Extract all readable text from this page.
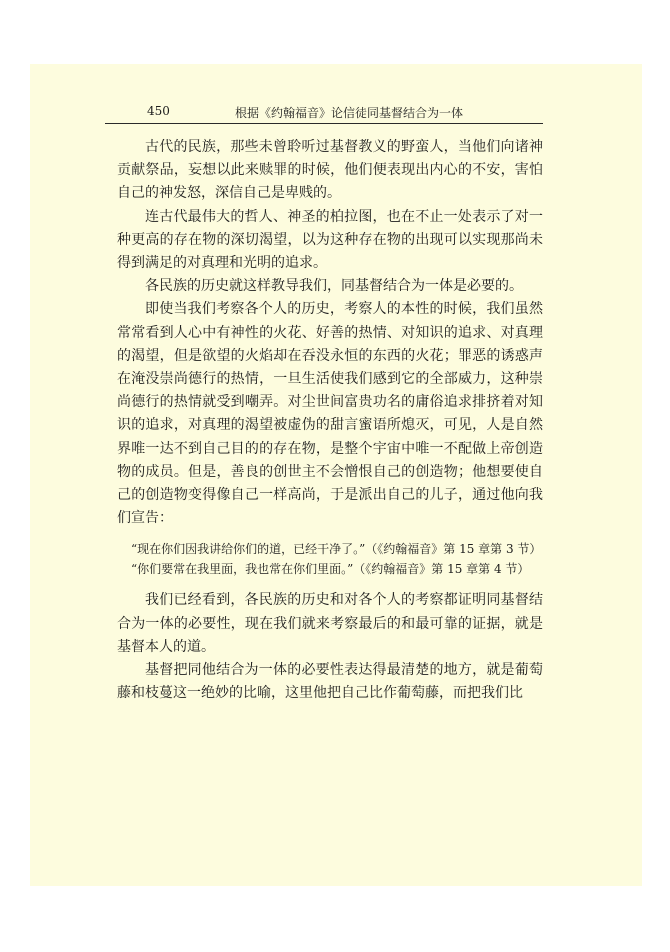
450	根据《约翰福音》论信徒同基督结合为一体

古代的民族，那些未曾聆听过基督教义的野蛮人，当他们向诸神贡献祭品，妄想以此来赎罪的时候，他们便表现出内心的不安，害怕自己的神发怒，深信自己是卑贱的。

连古代最伟大的哲人、神圣的柏拉图，也在不止一处表示了对一种更高的存在物的深切渴望，以为这种存在物的出现可以实现那尚未得到满足的对真理和光明的追求。

各民族的历史就这样教导我们，同基督结合为一体是必要的。

即使当我们考察各个人的历史，考察人的本性的时候，我们虽然常常看到人心中有神性的火花、好善的热情、对知识的追求、对真理的渴望，但是欲望的火焰却在吞没永恒的东西的火花；罪恶的诱惑声在淹没崇尚德行的热情，一旦生活使我们感到它的全部威力，这种崇尚德行的热情就受到嘲弄。对尘世间富贵功名的庸俗追求排挤着对知识的追求，对真理的渴望被虚伪的甜言蜜语所熄灭，可见，人是自然界唯一达不到自己目的的存在物，是整个宇宙中唯一不配做上帝创造物的成员。但是，善良的创世主不会憎恨自己的创造物；他想要使自己的创造物变得像自己一样高尚，于是派出自己的儿子，通过他向我们宣告：

“现在你们因我讲给你们的道，已经干净了。”（《约翰福音》第 15 章第 3 节）
“你们要常在我里面，我也常在你们里面。”（《约翰福音》第 15 章第 4 节）

我们已经看到，各民族的历史和对各个人的考察都证明同基督结合为一体的必要性，现在我们就来考察最后的和最可靠的证据，就是基督本人的道。

基督把同他结合为一体的必要性表达得最清楚的地方，就是葡萄藤和枝蔓这一绝妙的比喻，这里他把自己比作葡萄藤，而把我们比
